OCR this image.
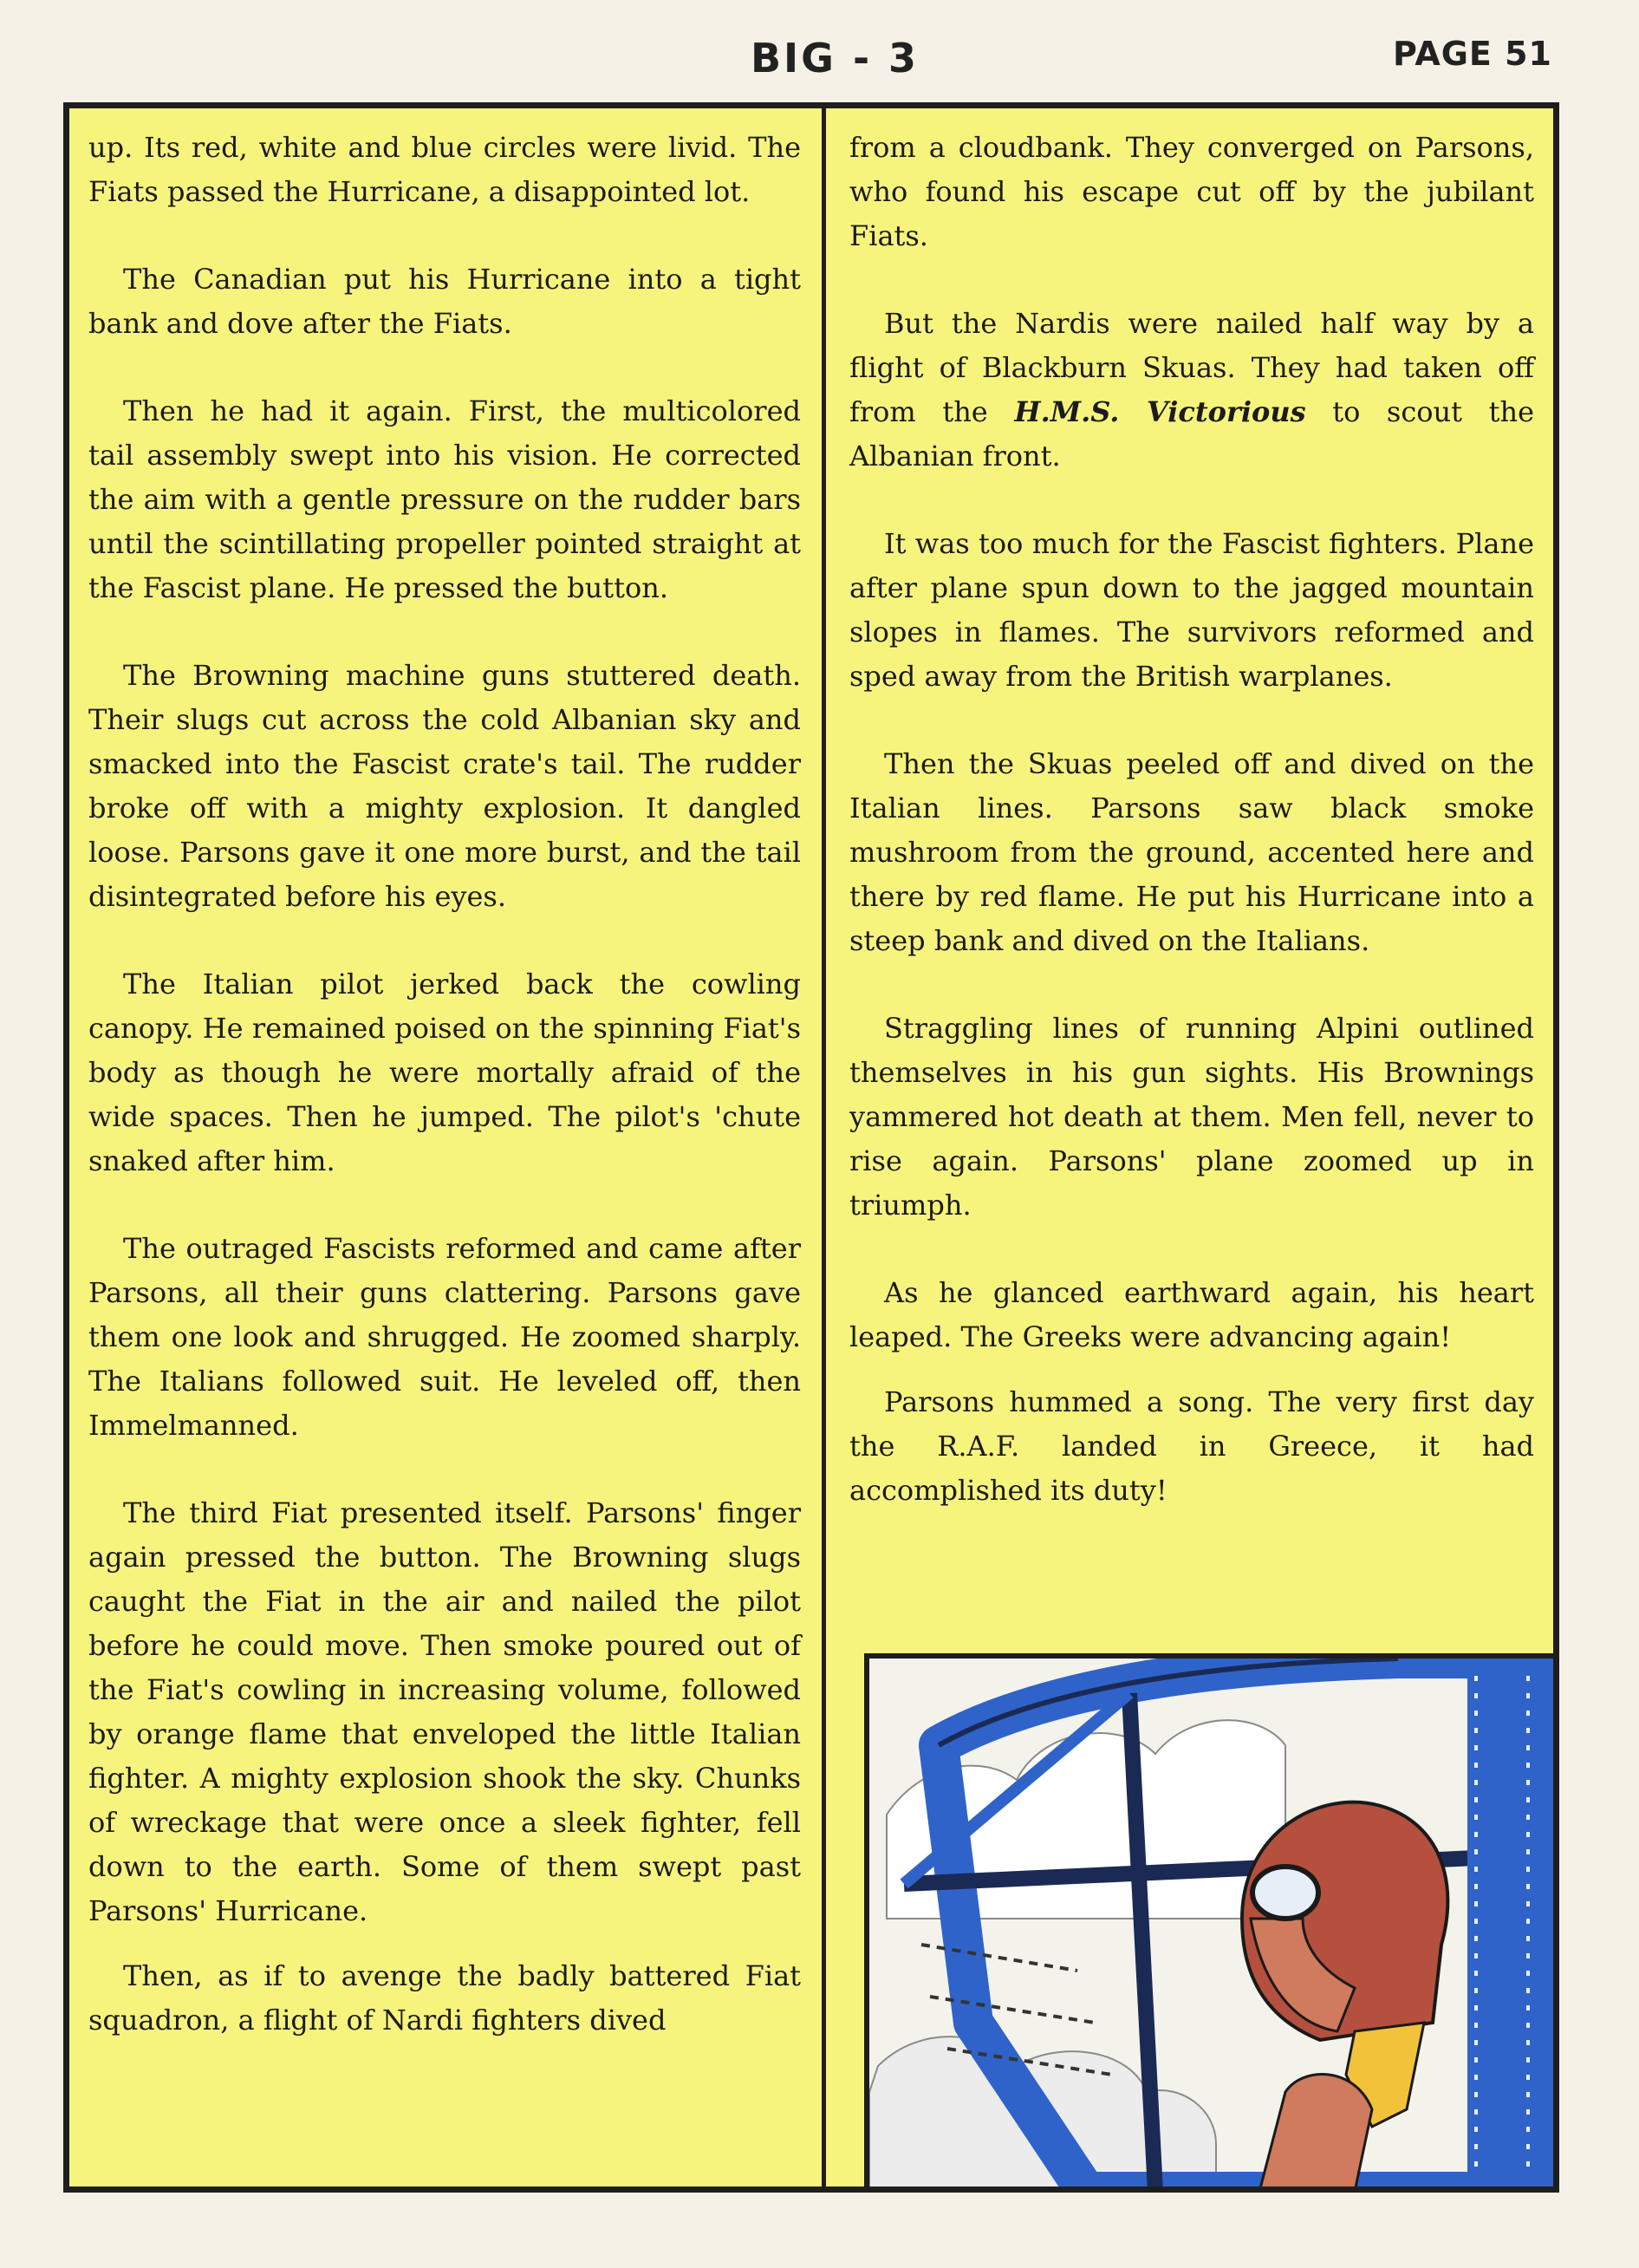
BIG - 3	PAGE 51

up. Its red, white and blue circles were livid. The Fiats passed the Hurricane, a disappointed lot.

The Canadian put his Hurricane into a tight bank and dove after the Fiats.

Then he had it again. First, the multicolored tail assembly swept into his vision. He corrected the aim with a gentle pressure on the rudder bars until the scintillating propeller pointed straight at the Fascist plane. He pressed the button.

The Browning machine guns stuttered death. Their slugs cut across the cold Albanian sky and smacked into the Fascist crate's tail. The rudder broke off with a mighty explosion. It dangled loose. Parsons gave it one more burst, and the tail disintegrated before his eyes.

The Italian pilot jerked back the cowling canopy. He remained poised on the spinning Fiat's body as though he were mortally afraid of the wide spaces. Then he jumped. The pilot's 'chute snaked after him.

The outraged Fascists reformed and came after Parsons, all their guns clattering. Parsons gave them one look and shrugged. He zoomed sharply. The Italians followed suit. He leveled off, then Immelmanned.

The third Fiat presented itself. Parsons' finger again pressed the button. The Browning slugs caught the Fiat in the air and nailed the pilot before he could move. Then smoke poured out of the Fiat's cowling in increasing volume, followed by orange flame that enveloped the little Italian fighter. A mighty explosion shook the sky. Chunks of wreckage that were once a sleek fighter, fell down to the earth. Some of them swept past Parsons' Hurricane.

Then, as if to avenge the badly battered Fiat squadron, a flight of Nardi fighters dived

from a cloudbank. They converged on Parsons, who found his escape cut off by the jubilant Fiats.

But the Nardis were nailed half way by a flight of Blackburn Skuas. They had taken off from the H.M.S. Victorious to scout the Albanian front.

It was too much for the Fascist fighters. Plane after plane spun down to the jagged mountain slopes in flames. The survivors reformed and sped away from the British warplanes.

Then the Skuas peeled off and dived on the Italian lines. Parsons saw black smoke mushroom from the ground, accented here and there by red flame. He put his Hurricane into a steep bank and dived on the Italians.

Straggling lines of running Alpini outlined themselves in his gun sights. His Brownings yammered hot death at them. Men fell, never to rise again. Parsons' plane zoomed up in triumph.

As he glanced earthward again, his heart leaped. The Greeks were advancing again!

Parsons hummed a song. The very first day the R.A.F. landed in Greece, it had accomplished its duty!
